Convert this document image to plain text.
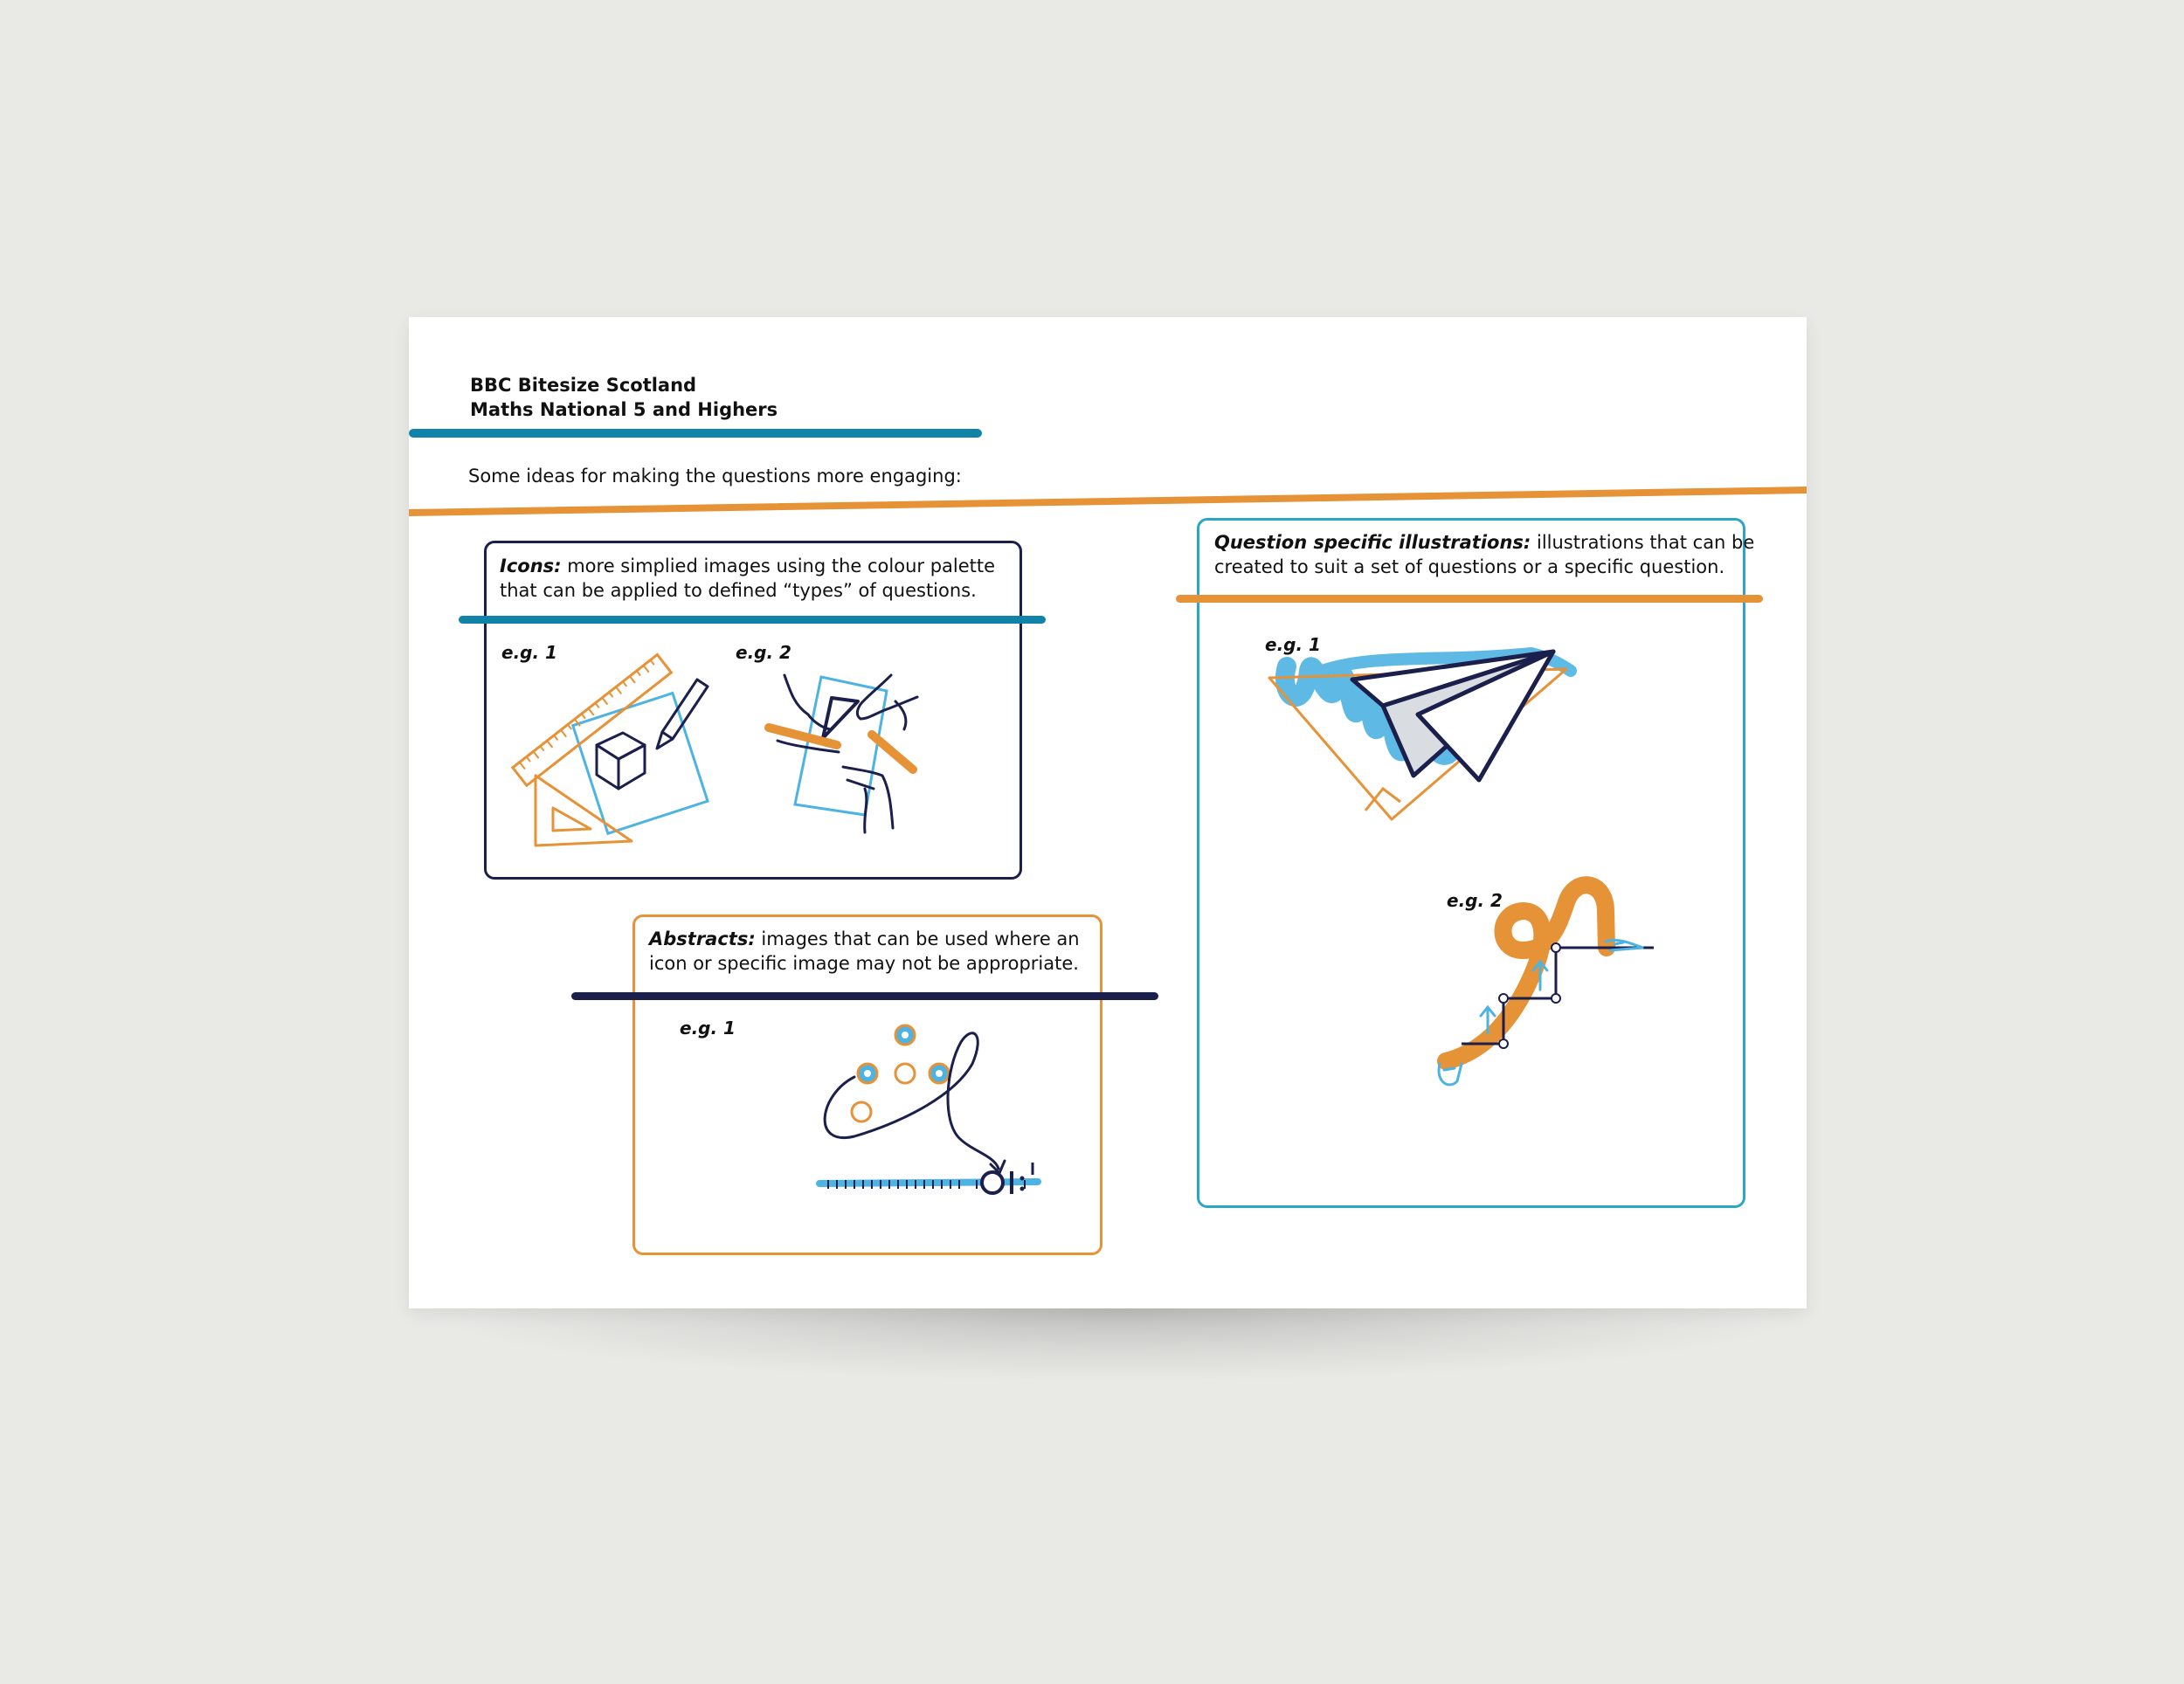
BBC Bitesize Scotland
Maths National 5 and Highers
Some ideas for making the questions more engaging:
Icons: more simplied images using the colour palette
that can be applied to defined “types” of questions.
e.g. 1	e.g. 2
Abstracts: images that can be used where an
icon or specific image may not be appropriate.
e.g. 1
Question specific illustrations: illustrations that can be
created to suit a set of questions or a specific question.
e.g. 1
e.g. 2
